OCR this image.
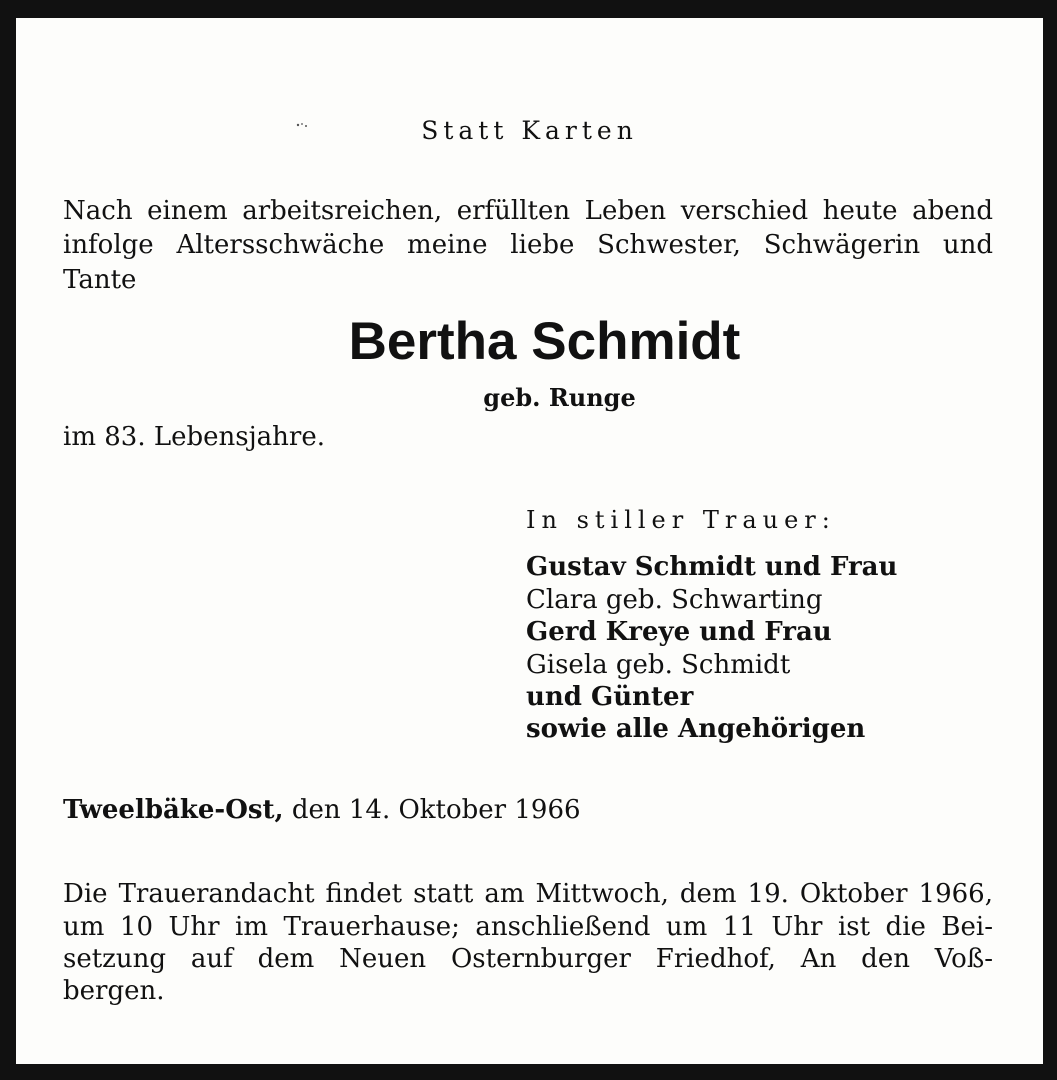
Statt Karten
Nach einem arbeitsreichen, erfüllten Leben verschied heute abend
infolge Altersschwäche meine liebe Schwester, Schwägerin und
Tante
Bertha Schmidt
geb. Runge
im 83. Lebensjahre.
In stiller Trauer:
Gustav Schmidt und Frau
Clara geb. Schwarting
Gerd Kreye und Frau
Gisela geb. Schmidt
und Günter
sowie alle Angehörigen
Tweelbäke-Ost, den 14. Oktober 1966
Die Trauerandacht findet statt am Mittwoch, dem 19. Oktober 1966,
um 10 Uhr im Trauerhause; anschließend um 11 Uhr ist die Bei-
setzung auf dem Neuen Osternburger Friedhof, An den Voß-
bergen.
